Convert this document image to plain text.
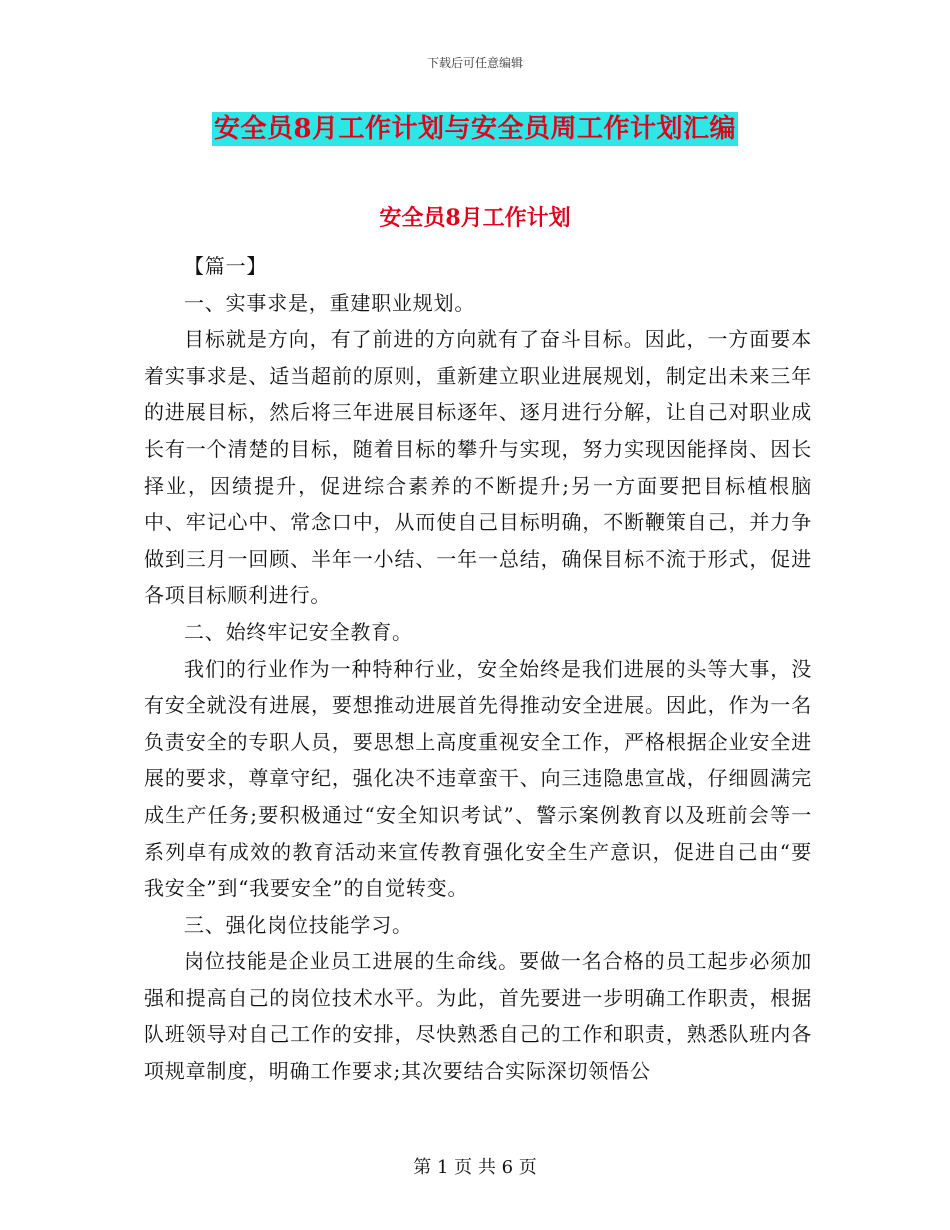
下载后可任意编辑
安全员8月工作计划与安全员周工作计划汇编
安全员8月工作计划

【篇一】

一、实事求是，重建职业规划。

目标就是方向，有了前进的方向就有了奋斗目标。因此，一方面要本着实事求是、适当超前的原则，重新建立职业进展规划，制定出未来三年的进展目标，然后将三年进展目标逐年、逐月进行分解，让自己对职业成长有一个清楚的目标，随着目标的攀升与实现，努力实现因能择岗、因长择业，因绩提升，促进综合素养的不断提升;另一方面要把目标植根脑中、牢记心中、常念口中，从而使自己目标明确，不断鞭策自己，并力争做到三月一回顾、半年一小结、一年一总结，确保目标不流于形式，促进各项目标顺利进行。

二、始终牢记安全教育。

我们的行业作为一种特种行业，安全始终是我们进展的头等大事，没有安全就没有进展，要想推动进展首先得推动安全进展。因此，作为一名负责安全的专职人员，要思想上高度重视安全工作，严格根据企业安全进展的要求，尊章守纪，强化决不违章蛮干、向三违隐患宣战，仔细圆满完成生产任务;要积极通过“安全知识考试”、警示案例教育以及班前会等一系列卓有成效的教育活动来宣传教育强化安全生产意识，促进自己由“要我安全”到“我要安全”的自觉转变。

三、强化岗位技能学习。

岗位技能是企业员工进展的生命线。要做一名合格的员工起步必须加强和提高自己的岗位技术水平。为此，首先要进一步明确工作职责，根据队班领导对自己工作的安排，尽快熟悉自己的工作和职责，熟悉队班内各项规章制度，明确工作要求;其次要结合实际深切领悟公

第 1 页 共 6 页
